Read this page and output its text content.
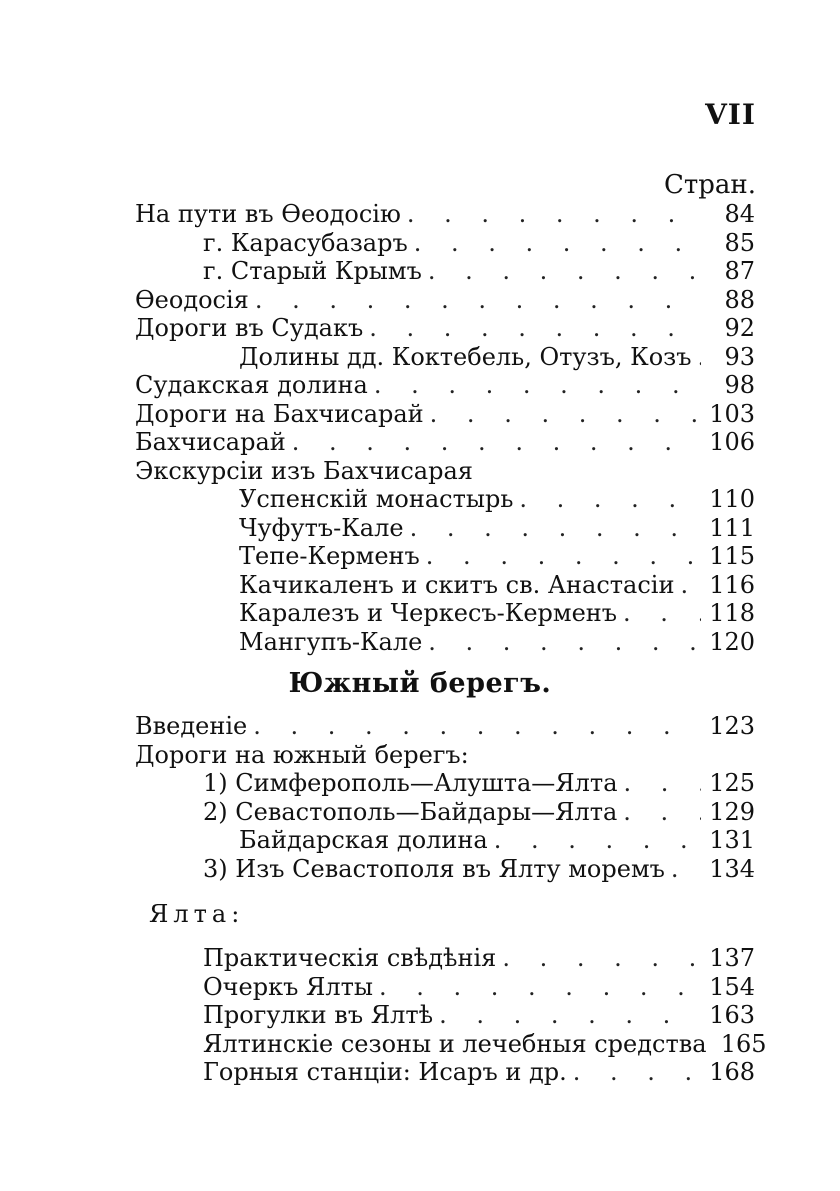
VII
Стран.
На пути въ Ѳеодосію . . .	84
г. Карасубазаръ . . .	85
г. Старый Крымъ . . .	87
Ѳеодосія . . .	88
Дороги въ Судакъ . . .	92
Долины дд. Коктебель, Отузъ, Козъ . . .	93
Судакская долина . . .	98
Дороги на Бахчисарай . . .	103
Бахчисарай . . .	106
Экскурсіи изъ Бахчисарая
Успенскій монастырь . . .	110
Чуфутъ-Кале . . .	111
Тепе-Керменъ . . .	115
Качикаленъ и скитъ св. Анастасіи . . . 116
Каралезъ и Черкесъ-Керменъ . . .	118
Мангупъ-Кале . . .	120
Южный берегъ.
Введеніе . . .	123
Дороги на южный берегъ:
1) Симферополь—Алушта—Ялта . . .	125
2) Севастополь—Байдары—Ялта . . .	129
Байдарская долина . . .	131
3) Изъ Севастополя въ Ялту моремъ . . . 134
Ялта:
Практическія свѣдѣнія . . .	137
Очеркъ Ялты . . .	154
Прогулки въ Ялтѣ . . .	163
Ялтинскіе сезоны и лечебныя средства 165
Горныя станціи: Исаръ и др. . . .	168
